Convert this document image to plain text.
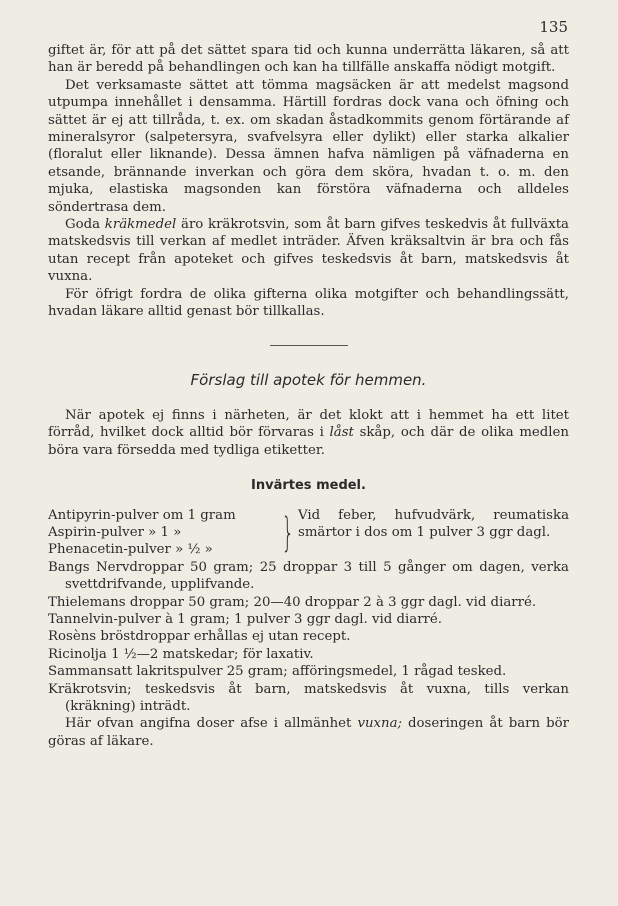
135

giftet är, för att på det sättet spara tid och kunna underrätta läkaren, så att han är beredd på behandlingen och kan ha tillfälle anskaffa nödigt motgift.

Det verksamaste sättet att tömma magsäcken är att medelst magsond utpumpa innehållet i densamma. Härtill fordras dock vana och öfning och sättet är ej att tillråda, t. ex. om skadan åstadkommits genom förtärande af mineralsyror (salpetersyra, svafvelsyra eller dylikt) eller starka alkalier (floralut eller liknande). Dessa ämnen hafva nämligen på väfnaderna en etsande, brännande inverkan och göra dem sköra, hvadan t. o. m. den mjuka, elastiska magsonden kan förstöra väfnaderna och alldeles söndertrasa dem.

Goda kräkmedel äro kräkrotsvin, som åt barn gifves teskedvis åt fullväxta matskedsvis till verkan af medlet inträder. Äfven kräksaltvin är bra och fås utan recept från apoteket och gifves teskedsvis åt barn, matskedsvis åt vuxna.

För öfrigt fordra de olika gifterna olika motgifter och behandlingssätt, hvadan läkare alltid genast bör tillkallas.

Förslag till apotek för hemmen.

När apotek ej finns i närheten, är det klokt att i hemmet ha ett litet förråd, hvilket dock alltid bör förvaras i låst skåp, och där de olika medlen böra vara försedda med tydliga etiketter.

Invärtes medel.
Antipyrin-pulver om 1 gram
Aspirin-pulver » 1 »
Phenacetin-pulver » ½ »	} Vid feber, hufvudvärk, reumatiska smärtor i dos om 1 pulver 3 ggr dagl.

Bangs Nervdroppar 50 gram; 25 droppar 3 till 5 gånger om dagen, verka svettdrifvande, upplifvande.

Thielemans droppar 50 gram; 20—40 droppar 2 à 3 ggr dagl. vid diarré.

Tannelvin-pulver à 1 gram; 1 pulver 3 ggr dagl. vid diarré.

Rosèns bröstdroppar erhållas ej utan recept.

Ricinolja 1 ½—2 matskedar; för laxativ.

Sammansatt lakritspulver 25 gram; afföringsmedel, 1 rågad tesked.

Kräkrotsvin; teskedsvis åt barn, matskedsvis åt vuxna, tills verkan (kräkning) inträdt.

Här ofvan angifna doser afse i allmänhet vuxna; doseringen åt barn bör göras af läkare.
